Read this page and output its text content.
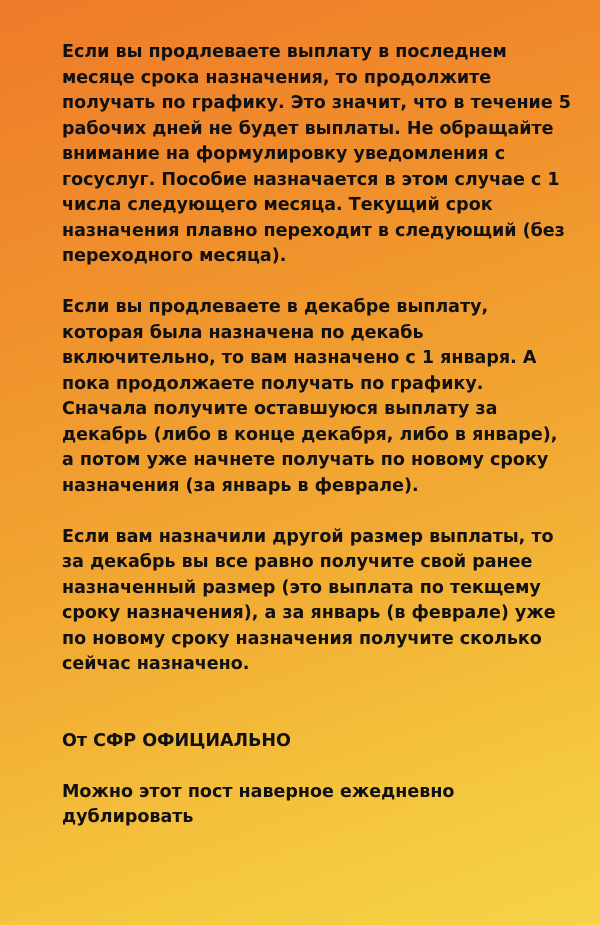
Если вы продлеваете выплату в последнем
месяце срока назначения, то продолжите
получать по графику. Это значит, что в течение 5
рабочих дней не будет выплаты. Не обращайте
внимание на формулировку уведомления с
госуслуг. Пособие назначается в этом случае с 1
числа следующего месяца. Текущий срок
назначения плавно переходит в следующий (без
переходного месяца).

Если вы продлеваете в декабре выплату,
которая была назначена по декабь
включительно, то вам назначено с 1 января. А
пока продолжаете получать по графику.
Сначала получите оставшуюся выплату за
декабрь (либо в конце декабря, либо в январе),
а потом уже начнете получать по новому сроку
назначения (за январь в феврале).

Если вам назначили другой размер выплаты, то
за декабрь вы все равно получите свой ранее
назначенный размер (это выплата по текщему
сроку назначения), а за январь (в феврале) уже
по новому сроку назначения получите сколько
сейчас назначено.

От СФР ОФИЦИАЛЬНО

Можно этот пост наверное ежедневно
дублировать
